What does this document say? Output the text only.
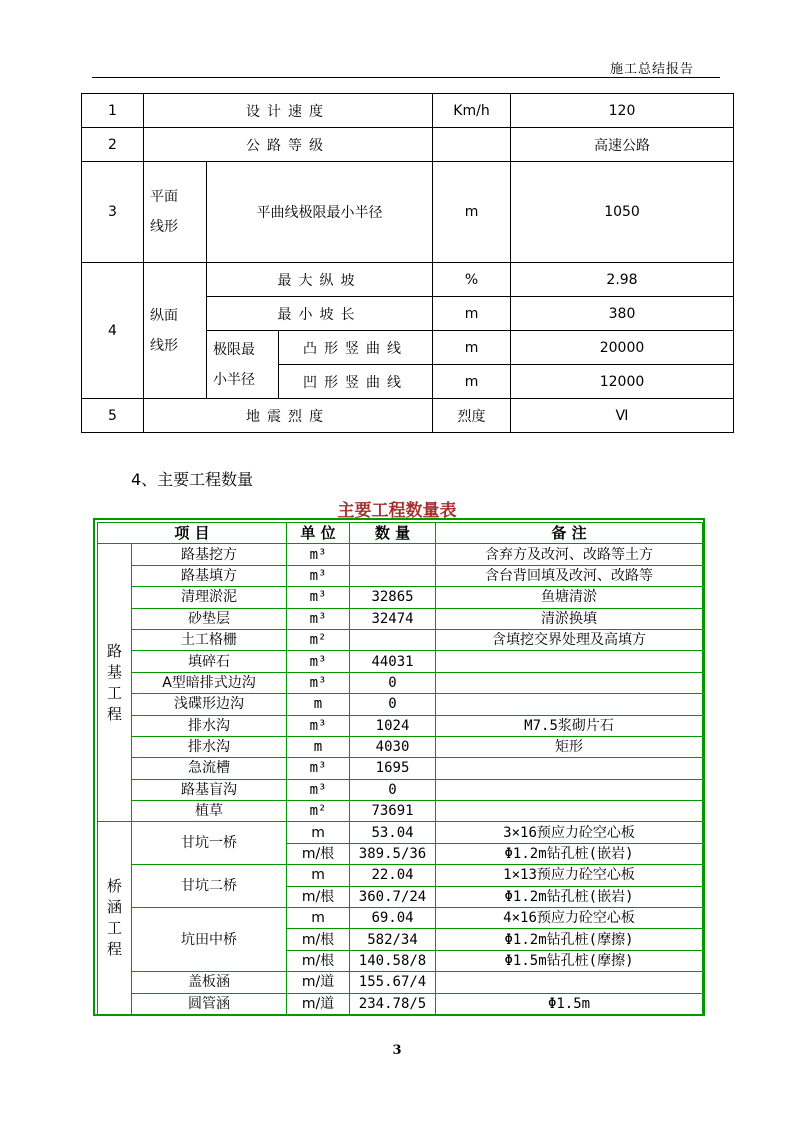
施工总结报告
1	设计速度			Km/h	120
2	公路等级				高速公路
3	平面线形	平曲线极限最小半径		m	1050
4	纵面线形	最大纵坡		%	2.98
		最小坡长		m	380

		极限最小半径	凸形竖曲线	m	20000
			凹形竖曲线	m	12000
5	地震烈度			烈度	Ⅵ
4、主要工程数量
主要工程数量表
项 目		单 位	数 量	备 注

路基工程	路基挖方	m³		含弃方及改河、改路等土方
	路基填方	m³		含台背回填及改河、改路等
	清理淤泥	m³	32865	鱼塘清淤
	砂垫层	m³	32474	清淤换填
	土工格栅	m²		含填挖交界处理及高填方
	填碎石	m³	44031	
	A型暗排式边沟	m³	0	
	浅碟形边沟	m	0	
	排水沟	m³	1024	M7.5浆砌片石
	排水沟	m	4030	矩形
	急流槽	m³	1695	
	路基盲沟	m³	0	
	植草	m²	73691	

桥涵工程	甘坑一桥	m	53.04	3×16预应力砼空心板
		m/根	389.5/36	Φ1.2m钻孔桩(嵌岩)
	甘坑二桥	m	22.04	1×13预应力砼空心板
		m/根	360.7/24	Φ1.2m钻孔桩(嵌岩)
	坑田中桥	m	69.04	4×16预应力砼空心板
		m/根	582/34	Φ1.2m钻孔桩(摩擦)
		m/根	140.58/8	Φ1.5m钻孔桩(摩擦)
	盖板涵	m/道	155.67/4	
	圆管涵	m/道	234.78/5	Φ1.5m
3
